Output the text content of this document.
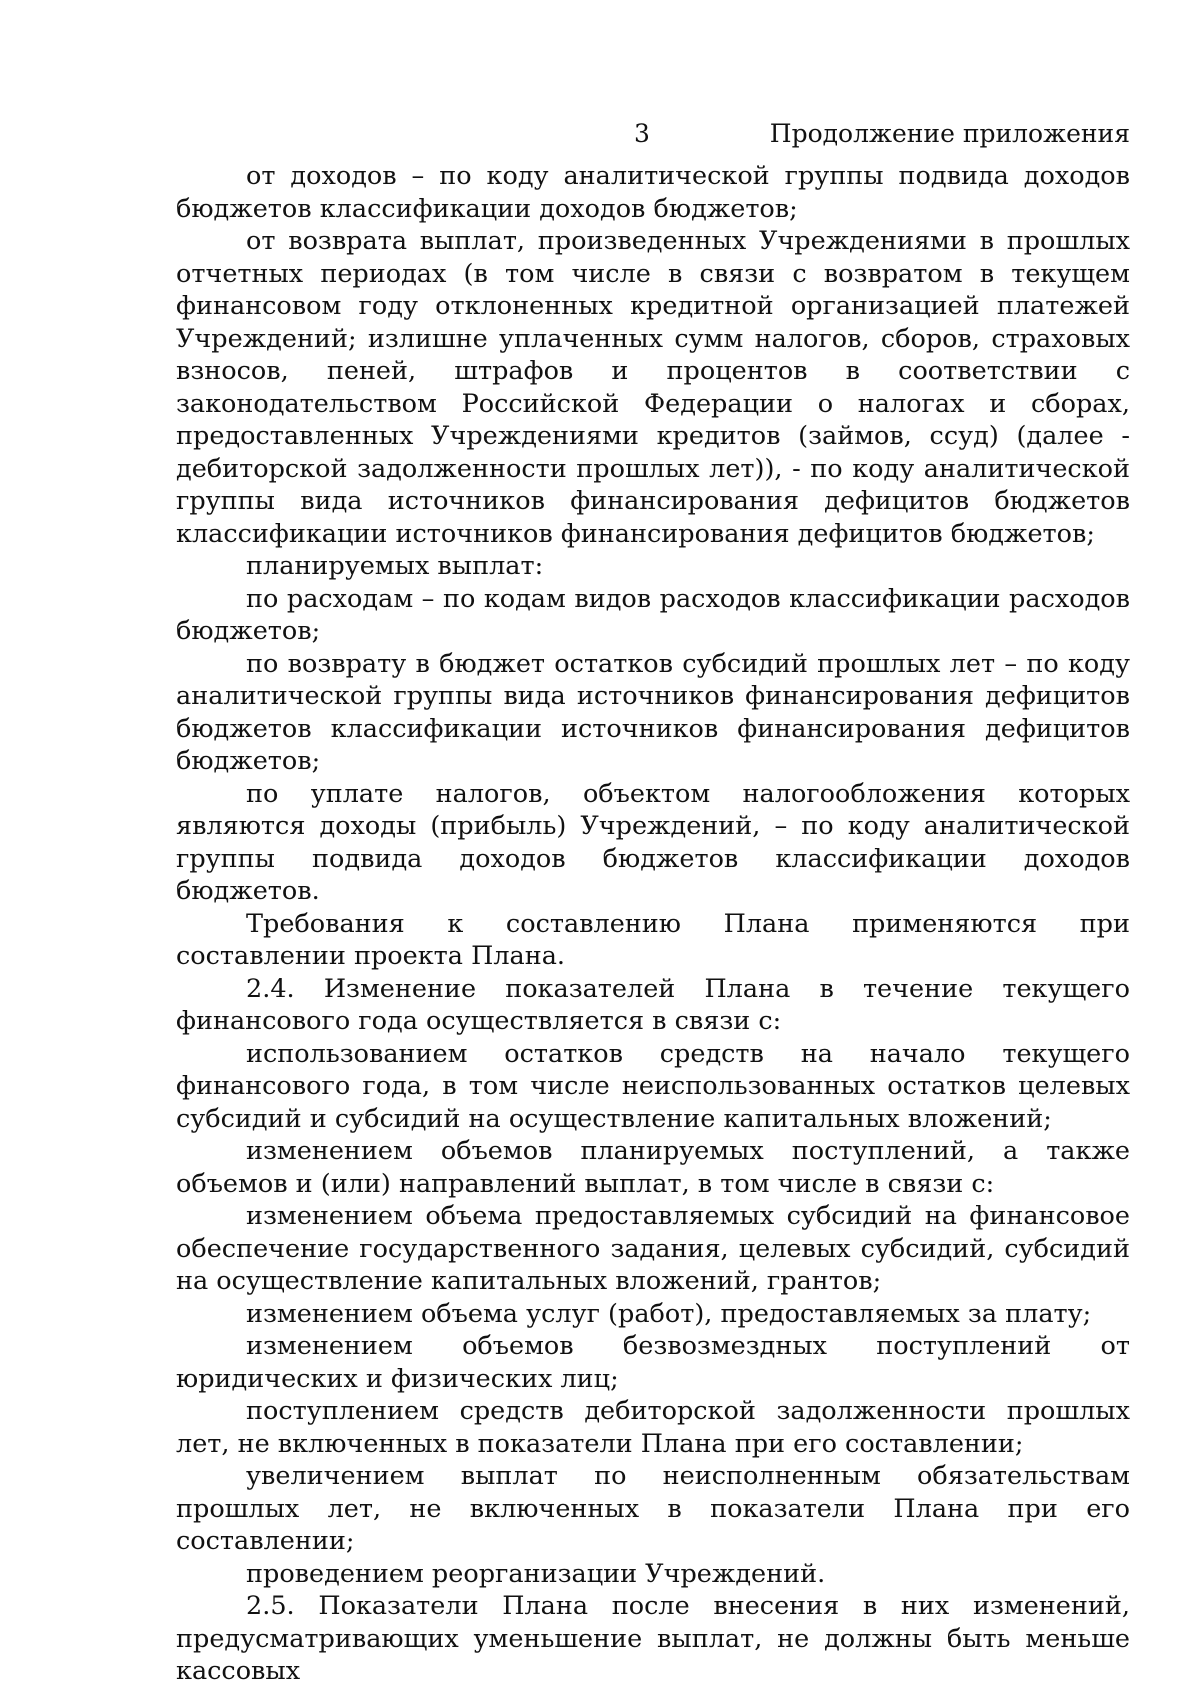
3	Продолжение приложения

от доходов – по коду аналитической группы подвида доходов бюджетов классификации доходов бюджетов;

от возврата выплат, произведенных Учреждениями в прошлых отчетных периодах (в том числе в связи с возвратом в текущем финансовом году отклоненных кредитной организацией платежей Учреждений; излишне уплаченных сумм налогов, сборов, страховых взносов, пеней, штрафов и процентов в соответствии с законодательством Российской Федерации о налогах и сборах, предоставленных Учреждениями кредитов (займов, ссуд) (далее - дебиторской задолженности прошлых лет)), - по коду аналитической группы вида источников финансирования дефицитов бюджетов классификации источников финансирования дефицитов бюджетов;

планируемых выплат:

по расходам – по кодам видов расходов классификации расходов бюджетов;

по возврату в бюджет остатков субсидий прошлых лет – по коду аналитической группы вида источников финансирования дефицитов бюджетов классификации источников финансирования дефицитов бюджетов;

по уплате налогов, объектом налогообложения которых являются доходы (прибыль) Учреждений, – по коду аналитической группы подвида доходов бюджетов классификации доходов бюджетов.

Требования к составлению Плана применяются при составлении проекта Плана.

2.4. Изменение показателей Плана в течение текущего финансового года осуществляется в связи с:

использованием остатков средств на начало текущего финансового года, в том числе неиспользованных остатков целевых субсидий и субсидий на осуществление капитальных вложений;

изменением объемов планируемых поступлений, а также объемов и (или) направлений выплат, в том числе в связи с:

изменением объема предоставляемых субсидий на финансовое обеспечение государственного задания, целевых субсидий, субсидий на осуществление капитальных вложений, грантов;

изменением объема услуг (работ), предоставляемых за плату;

изменением объемов безвозмездных поступлений от юридических и физических лиц;

поступлением средств дебиторской задолженности прошлых лет, не включенных в показатели Плана при его составлении;

увеличением выплат по неисполненным обязательствам прошлых лет, не включенных в показатели Плана при его составлении;

проведением реорганизации Учреждений.

2.5. Показатели Плана после внесения в них изменений, предусматривающих уменьшение выплат, не должны быть меньше кассовых
